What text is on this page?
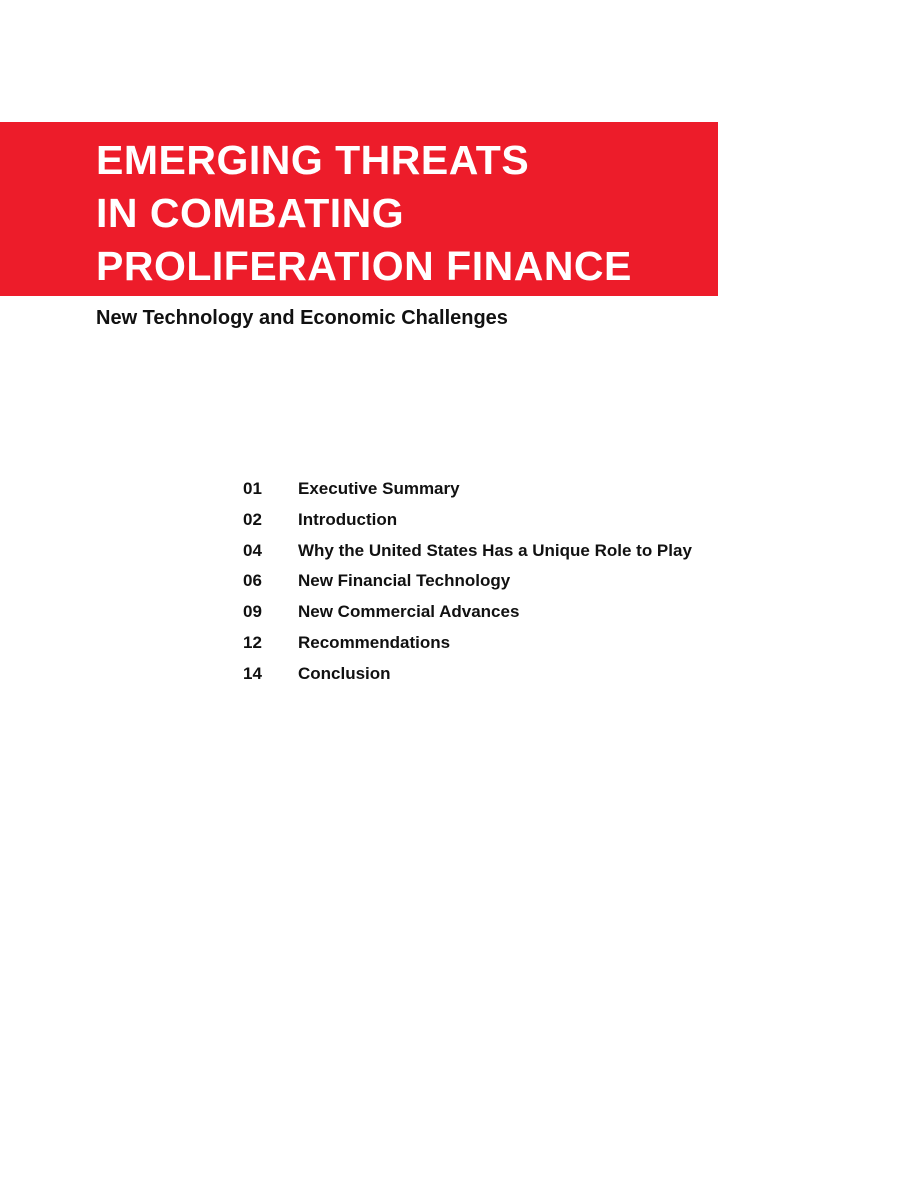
EMERGING THREATS
IN COMBATING
PROLIFERATION FINANCE
New Technology and Economic Challenges
01	Executive Summary
02	Introduction
04	Why the United States Has a Unique Role to Play
06	New Financial Technology
09	New Commercial Advances
12	Recommendations
14	Conclusion
